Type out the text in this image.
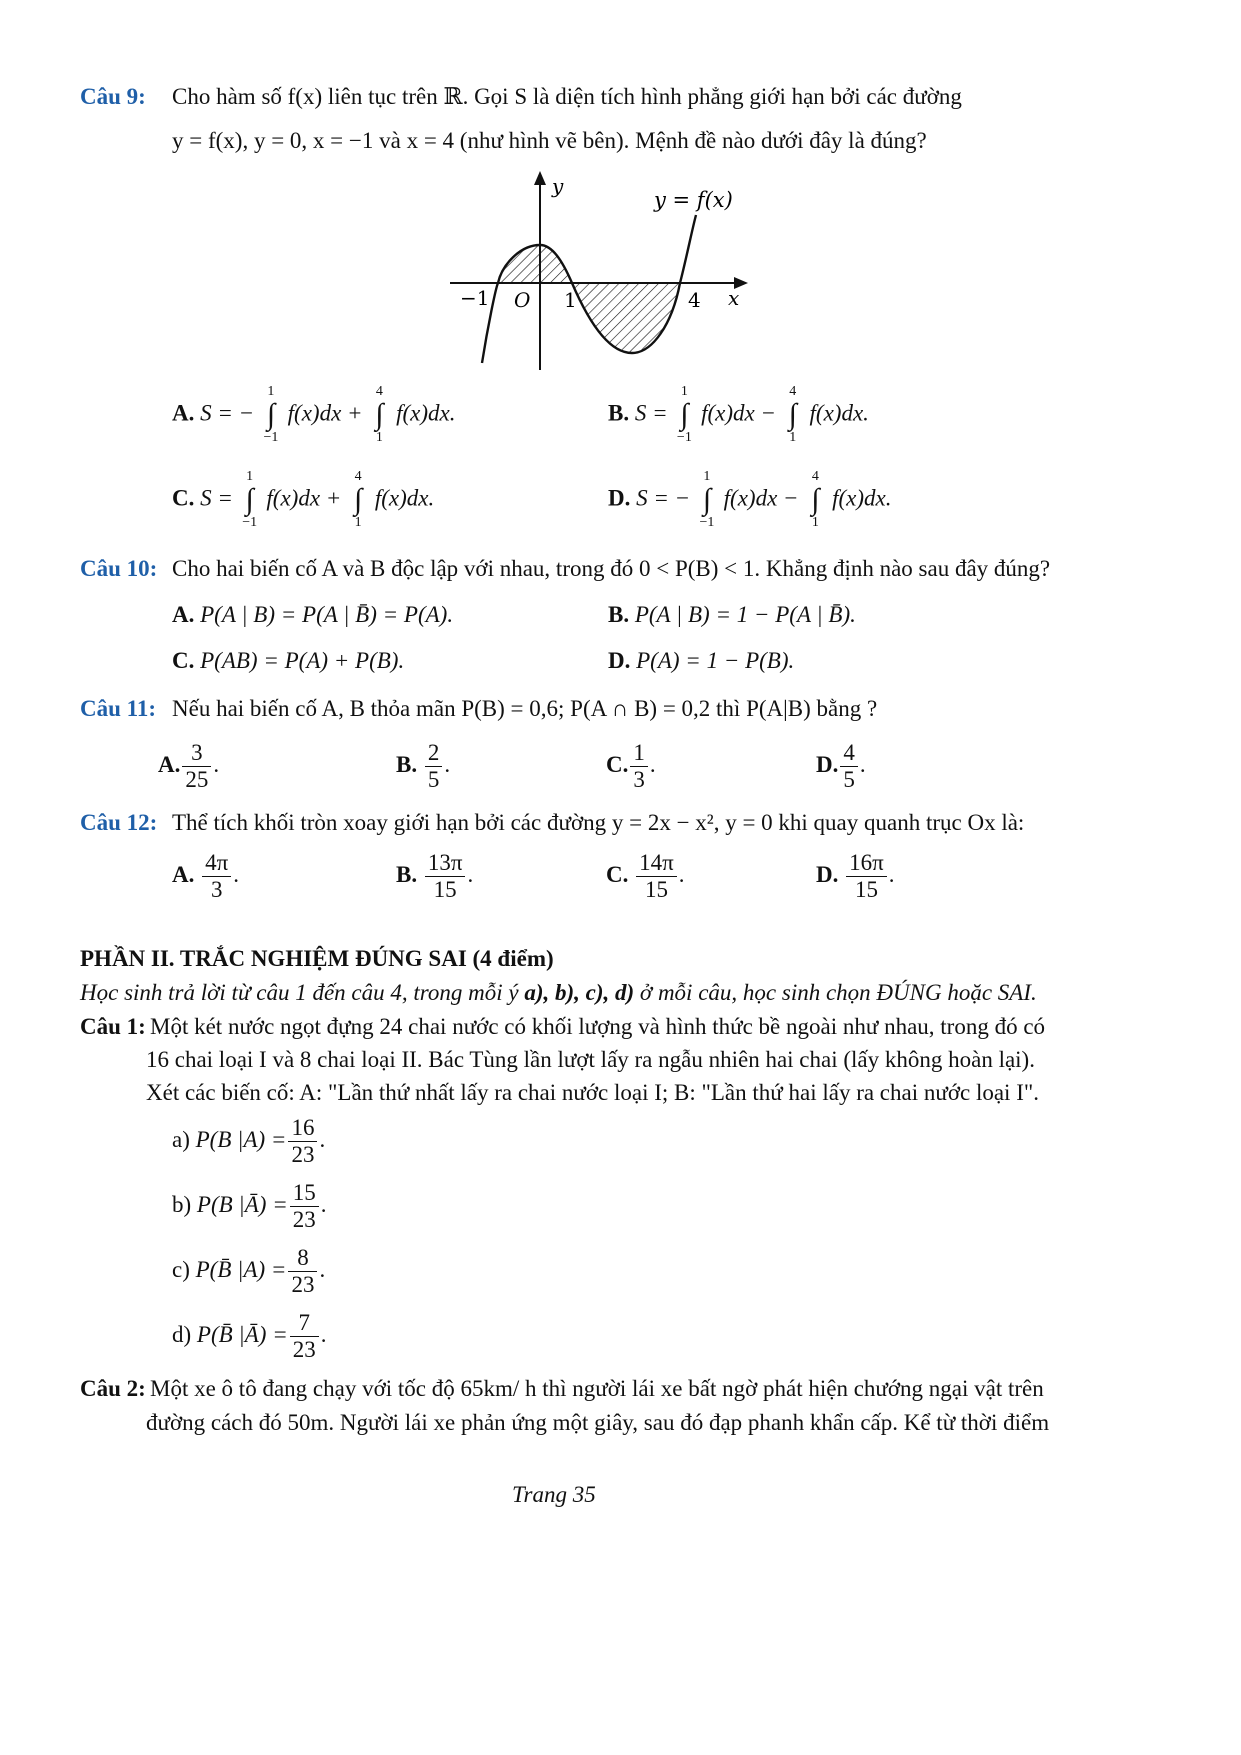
Câu 9: Cho hàm số f(x) liên tục trên ℝ. Gọi S là diện tích hình phẳng giới hạn bởi các đường
y = f(x), y = 0, x = −1 và x = 4 (như hình vẽ bên). Mệnh đề nào dưới đây là đúng?
y
x
y = f(x)
−1 O 1	4
A. S = −
1
∫
−1
f(x)dx +
4
∫
1
f(x)dx.	B. S =
1
∫
−1
f(x)dx −
4
∫
1
f(x)dx.
C. S =
1
∫
−1
f(x)dx +
4
∫
1
f(x)dx.	D. S = −
1
∫
−1
f(x)dx −
4
∫
1
f(x)dx.
Câu 10: Cho hai biến cố A và B độc lập với nhau, trong đó 0 < P(B) < 1. Khẳng định nào sau đây đúng?
A. P(A | B) = P(A | B̄) = P(A).	B. P(A | B) = 1 − P(A | B̄).
C. P(AB) = P(A) + P(B).	D. P(A) = 1 − P(B).
Câu 11: Nếu hai biến cố A, B thỏa mãn P(B) = 0,6; P(A ∩ B) = 0,2 thì P(A|B) bằng ?
A. $\frac{3}{25}$ .	B. $\frac{2}{5}$ .	C. $\frac{1}{3}$ .	D. $\frac{4}{5}$ .
Câu 12: Thể tích khối tròn xoay giới hạn bởi các đường y = 2x − x², y = 0 khi quay quanh trục Ox là:
A. $\frac{4\pi}{3}$ .	B. $\frac{13\pi}{15}$ .	C. $\frac{14\pi}{15}$ .	D. $\frac{16\pi}{15}$ .
PHẦN II. TRẮC NGHIỆM ĐÚNG SAI (4 điểm)
Học sinh trả lời từ câu 1 đến câu 4, trong mỗi ý a), b), c), d) ở mỗi câu, học sinh chọn ĐÚNG hoặc SAI.
Câu 1: Một két nước ngọt đựng 24 chai nước có khối lượng và hình thức bề ngoài như nhau, trong đó có
16 chai loại I và 8 chai loại II. Bác Tùng lần lượt lấy ra ngẫu nhiên hai chai (lấy không hoàn lại).
Xét các biến cố: A: "Lần thứ nhất lấy ra chai nước loại I; B: "Lần thứ hai lấy ra chai nước loại I".
a) P(B $|A) = \frac{16}{23}$ .
b) P(B |Ā) = $\frac{15}{23}$ .
c) P(B̄ $|A) = \frac{8}{23}$ .
d) P(B̄ |Ā) = $\frac{7}{23}$ .
Câu 2: Một xe ô tô đang chạy với tốc độ 65km/ h thì người lái xe bất ngờ phát hiện chướng ngại vật trên
đường cách đó 50m. Người lái xe phản ứng một giây, sau đó đạp phanh khẩn cấp. Kể từ thời điểm
Trang 35
